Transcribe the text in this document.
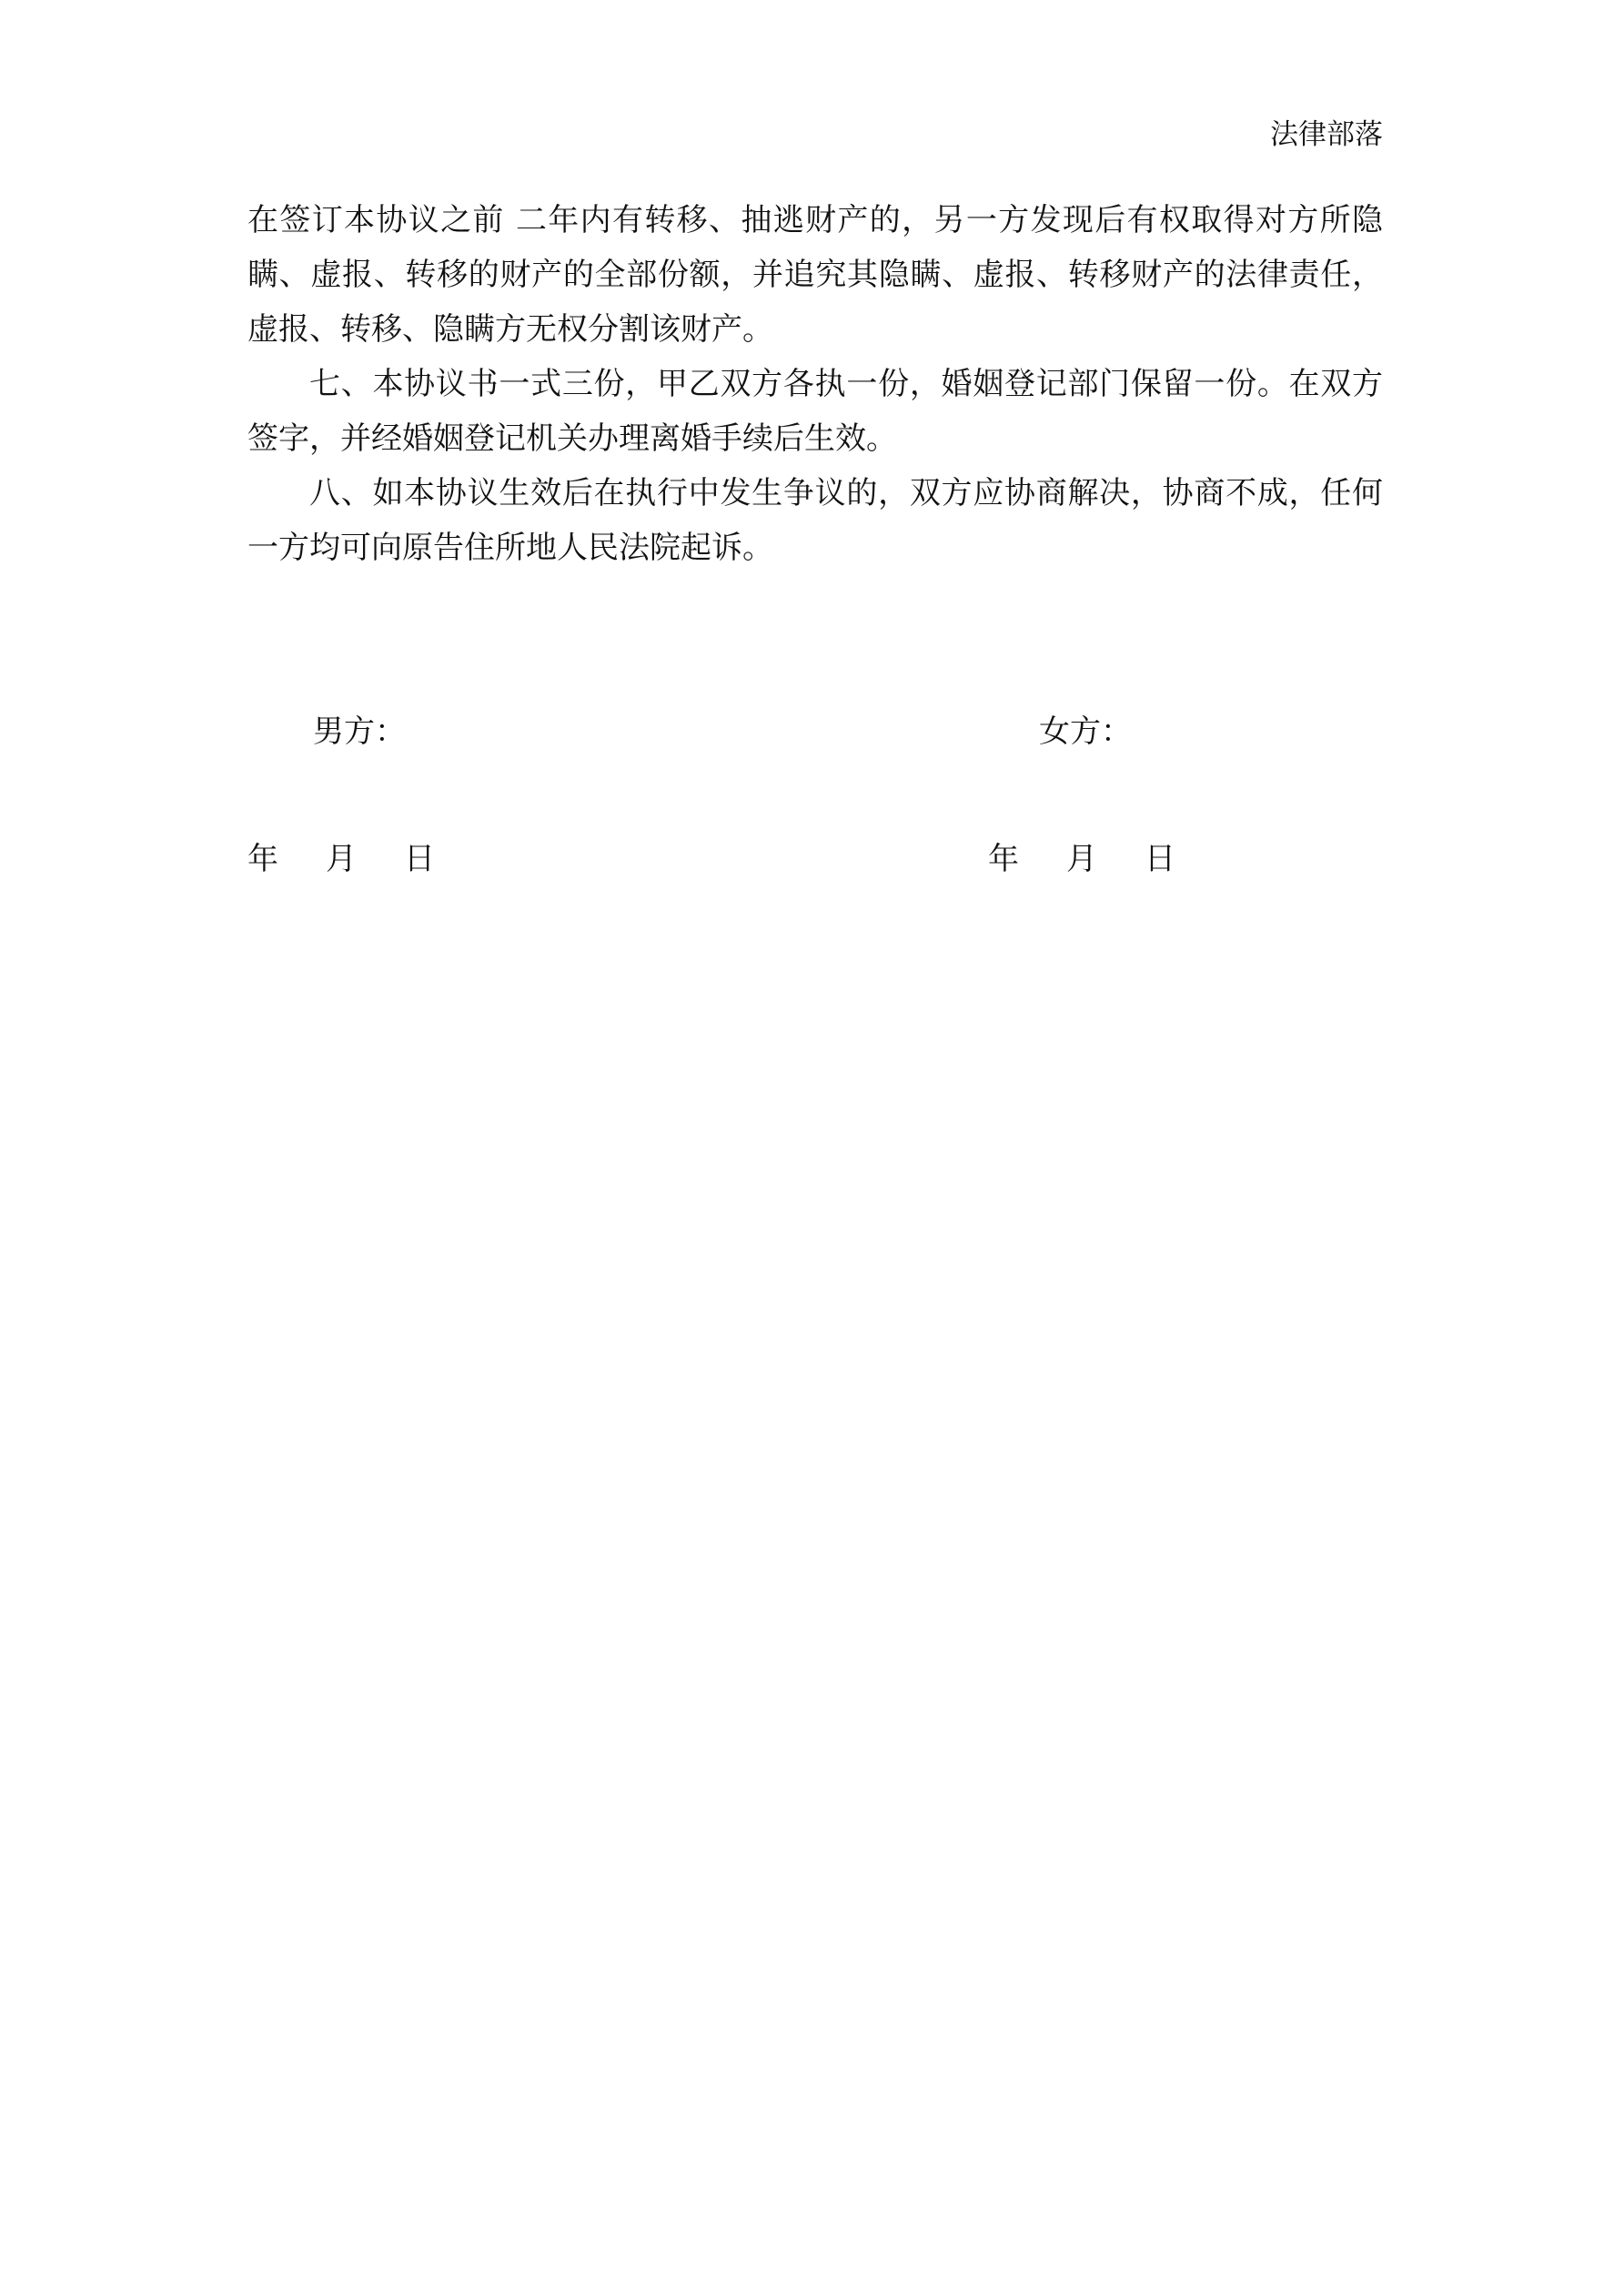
法律部落

在签订本协议之前 二年内有转移、抽逃财产的，另一方发现后有权取得对方所隐瞒、虚报、转移的财产的全部份额，并追究其隐瞒、虚报、转移财产的法律责任，虚报、转移、隐瞒方无权分割该财产。

七、本协议书一式三份，甲乙双方各执一份，婚姻登记部门保留一份。在双方签字，并经婚姻登记机关办理离婚手续后生效。

八、如本协议生效后在执行中发生争议的，双方应协商解决，协商不成，任何一方均可向原告住所地人民法院起诉。

男方：	女方：
年 月 日	年 月 日
